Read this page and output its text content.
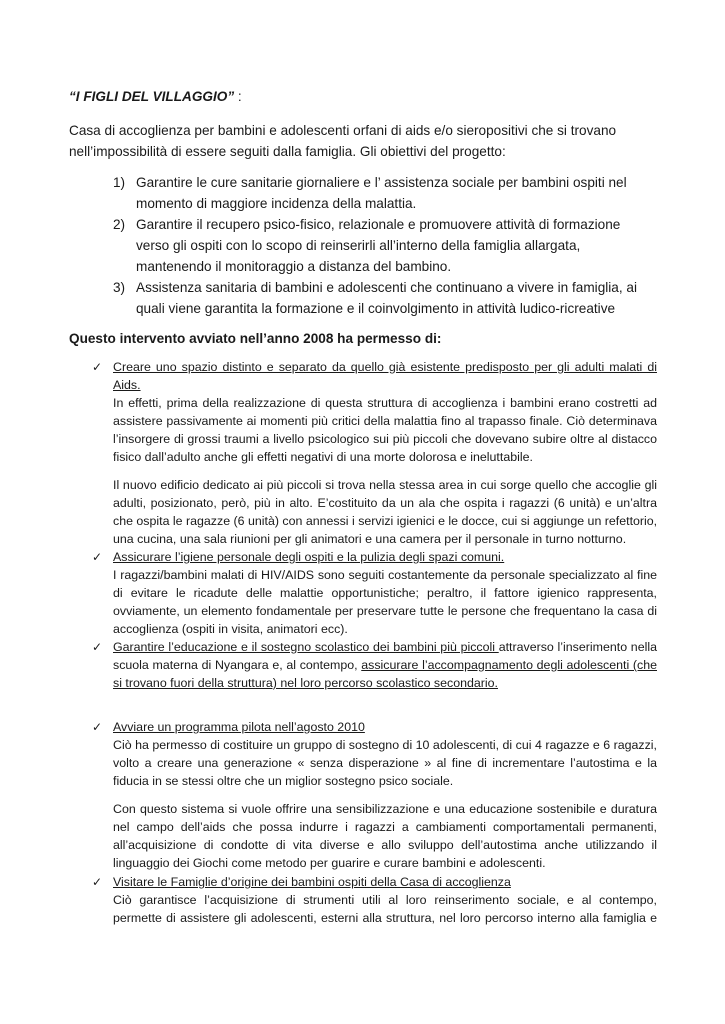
“I FIGLI DEL VILLAGGIO” :
Casa di accoglienza per bambini e adolescenti orfani di aids e/o sieropositivi che si trovano
nell’impossibilità di essere seguiti dalla famiglia. Gli obiettivi del progetto:
1) Garantire le cure sanitarie giornaliere e l’ assistenza sociale per bambini ospiti nel
momento di maggiore incidenza della malattia.
2) Garantire il recupero psico-fisico, relazionale e promuovere attività di formazione
verso gli ospiti con lo scopo di reinserirli all’interno della famiglia allargata,
mantenendo il monitoraggio a distanza del bambino.
3) Assistenza sanitaria di bambini e adolescenti che continuano a vivere in famiglia, ai
quali viene garantita la formazione e il coinvolgimento in attività ludico-ricreative
Questo intervento avviato nell’anno 2008 ha permesso di:
✓ Creare uno spazio distinto e separato da quello già esistente predisposto per gli adulti malati di
Aids.
In effetti, prima della realizzazione di questa struttura di accoglienza i bambini erano costretti ad
assistere passivamente ai momenti più critici della malattia fino al trapasso finale. Ciò determinava
l’insorgere di grossi traumi a livello psicologico sui più piccoli che dovevano subire oltre al distacco
fisico dall’adulto anche gli effetti negativi di una morte dolorosa e ineluttabile.
Il nuovo edificio dedicato ai più piccoli si trova nella stessa area in cui sorge quello che accoglie gli
adulti, posizionato, però, più in alto. E’costituito da un ala che ospita i ragazzi (6 unità) e un’altra
che ospita le ragazze (6 unità) con annessi i servizi igienici e le docce, cui si aggiunge un refettorio,
una cucina, una sala riunioni per gli animatori e una camera per il personale in turno notturno.
✓ Assicurare l’igiene personale degli ospiti e la pulizia degli spazi comuni.
I ragazzi/bambini malati di HIV/AIDS sono seguiti costantemente da personale specializzato al fine
di evitare le ricadute delle malattie opportunistiche; peraltro, il fattore igienico rappresenta,
ovviamente, un elemento fondamentale per preservare tutte le persone che frequentano la casa di
accoglienza (ospiti in visita, animatori ecc).
✓ Garantire l’educazione e il sostegno scolastico dei bambini più piccoli attraverso l’inserimento nella
scuola materna di Nyangara e, al contempo, assicurare l’accompagnamento degli adolescenti (che
si trovano fuori della struttura) nel loro percorso scolastico secondario.
✓ Avviare un programma pilota nell’agosto 2010
Ciò ha permesso di costituire un gruppo di sostegno di 10 adolescenti, di cui 4 ragazze e 6 ragazzi,
volto a creare una generazione « senza disperazione » al fine di incrementare l’autostima e la
fiducia in se stessi oltre che un miglior sostegno psico sociale.
Con questo sistema si vuole offrire una sensibilizzazione e una educazione sostenibile e duratura
nel campo dell’aids che possa indurre i ragazzi a cambiamenti comportamentali permanenti,
all’acquisizione di condotte di vita diverse e allo sviluppo dell’autostima anche utilizzando il
linguaggio dei Giochi come metodo per guarire e curare bambini e adolescenti.
✓ Visitare le Famiglie d’origine dei bambini ospiti della Casa di accoglienza
Ciò garantisce l’acquisizione di strumenti utili al loro reinserimento sociale, e al contempo,
permette di assistere gli adolescenti, esterni alla struttura, nel loro percorso interno alla famiglia e
